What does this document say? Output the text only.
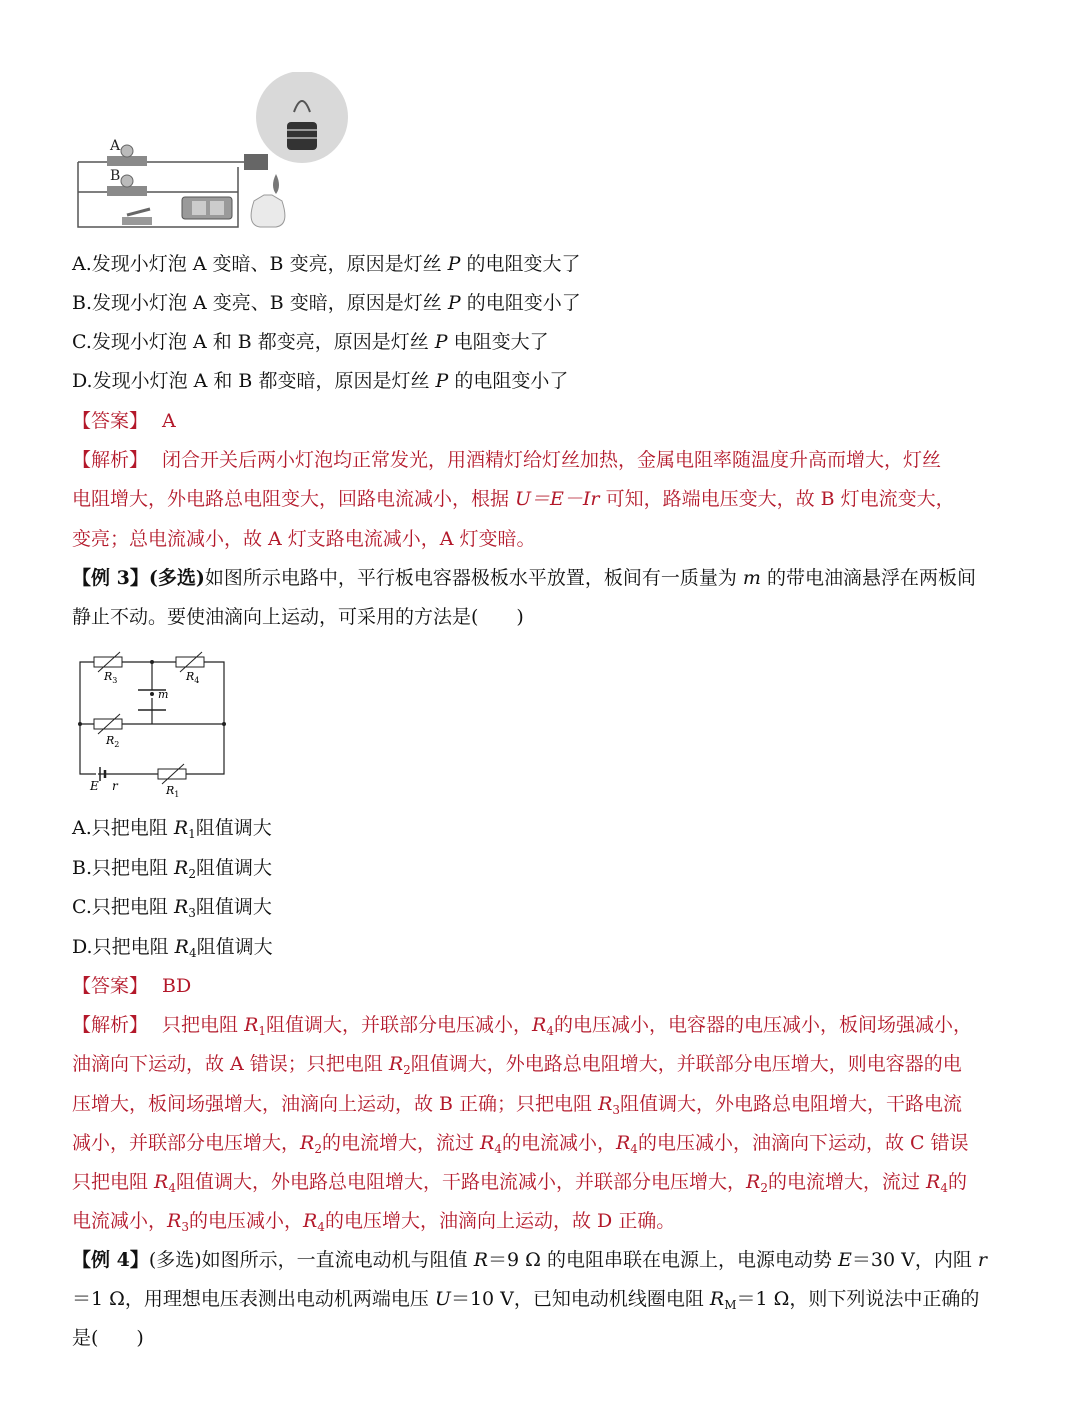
A
B
A.发现小灯泡 A 变暗、B 变亮，原因是灯丝 P 的电阻变大了
B.发现小灯泡 A 变亮、B 变暗，原因是灯丝 P 的电阻变小了
C.发现小灯泡 A 和 B 都变亮，原因是灯丝 P 电阻变大了
D.发现小灯泡 A 和 B 都变暗，原因是灯丝 P 的电阻变小了
【答案】 A
【解析】 闭合开关后两小灯泡均正常发光，用酒精灯给灯丝加热，金属电阻率随温度升高而增大，灯丝
电阻增大，外电路总电阻变大，回路电流减小，根据 U＝E－Ir 可知，路端电压变大，故 B 灯电流变大，
变亮；总电流减小，故 A 灯支路电流减小，A 灯变暗。
【例 3】(多选)如图所示电路中，平行板电容器极板水平放置，板间有一质量为 m 的带电油滴悬浮在两板间
静止不动。要使油滴向上运动，可采用的方法是(　　)
m
$R_3$	$R_4$
$R_2$
E r	$R_1$
A.只把电阻 $R_1$阻值调大
B.只把电阻 $R_2$阻值调大
C.只把电阻 $R_3$阻值调大
D.只把电阻 $R_4$阻值调大
【答案】 BD
【解析】 只把电阻 $R_1$阻值调大，并联部分电压减小，$R_4$的电压减小，电容器的电压减小，板间场强减小，
油滴向下运动，故 A 错误；只把电阻 $R_2$阻值调大，外电路总电阻增大，并联部分电压增大，则电容器的电
压增大，板间场强增大，油滴向上运动，故 B 正确；只把电阻 $R_3$阻值调大，外电路总电阻增大，干路电流
减小，并联部分电压增大，$R_2$的电流增大，流过 $R_4$的电流减小，$R_4$的电压减小，油滴向下运动，故 C 错误
只把电阻 $R_4$阻值调大，外电路总电阻增大，干路电流减小，并联部分电压增大，$R_2$的电流增大，流过 $R_4$的
电流减小，$R_3$的电压减小，$R_4$的电压增大，油滴向上运动，故 D 正确。
【例 4】(多选)如图所示，一直流电动机与阻值 R＝9 Ω 的电阻串联在电源上，电源电动势 E＝30 V，内阻 r
＝1 Ω，用理想电压表测出电动机两端电压 U＝10 V，已知电动机线圈电阻 $R_M=1$ Ω，则下列说法中正确的
是(　　)
